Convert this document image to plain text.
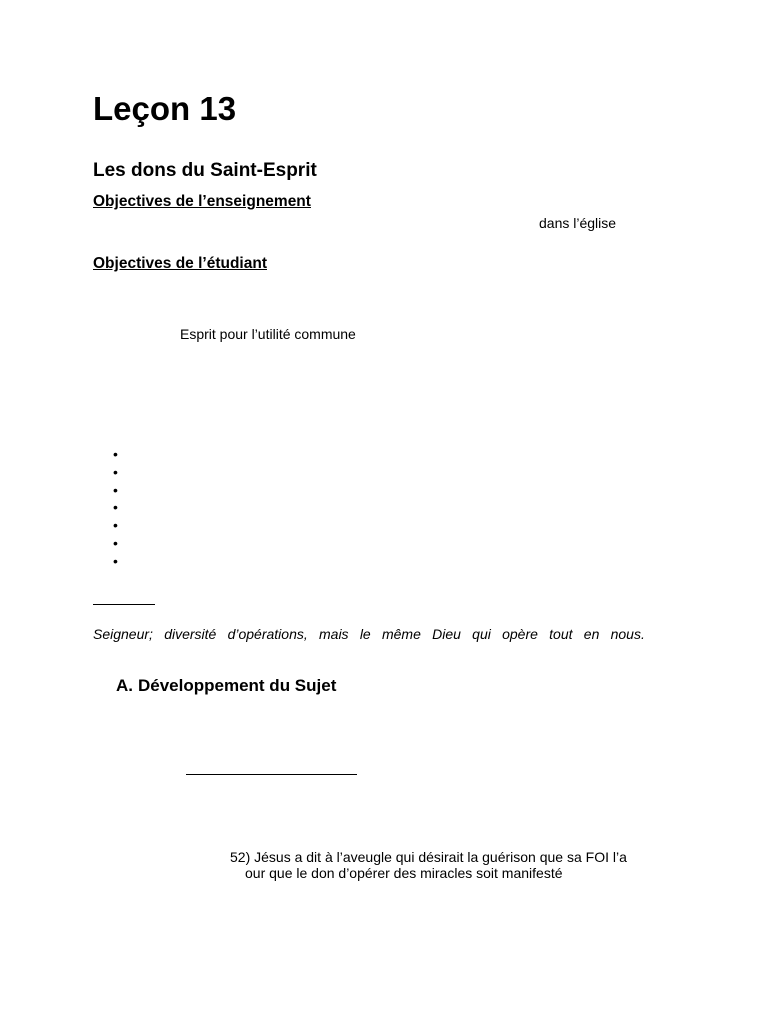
Leçon 13
Les dons du Saint-Esprit
Objectives de l’enseignement
dans l’église
Objectives de l’étudiant
Esprit pour l’utilité commune
•
•
•
•
•
•
•
Seigneur; diversité d’opérations, mais le même Dieu qui opère tout en nous.
A. Développement du Sujet
52) Jésus a dit à l’aveugle qui désirait la guérison que sa FOI l’a
our que le don d’opérer des miracles soit manifesté
